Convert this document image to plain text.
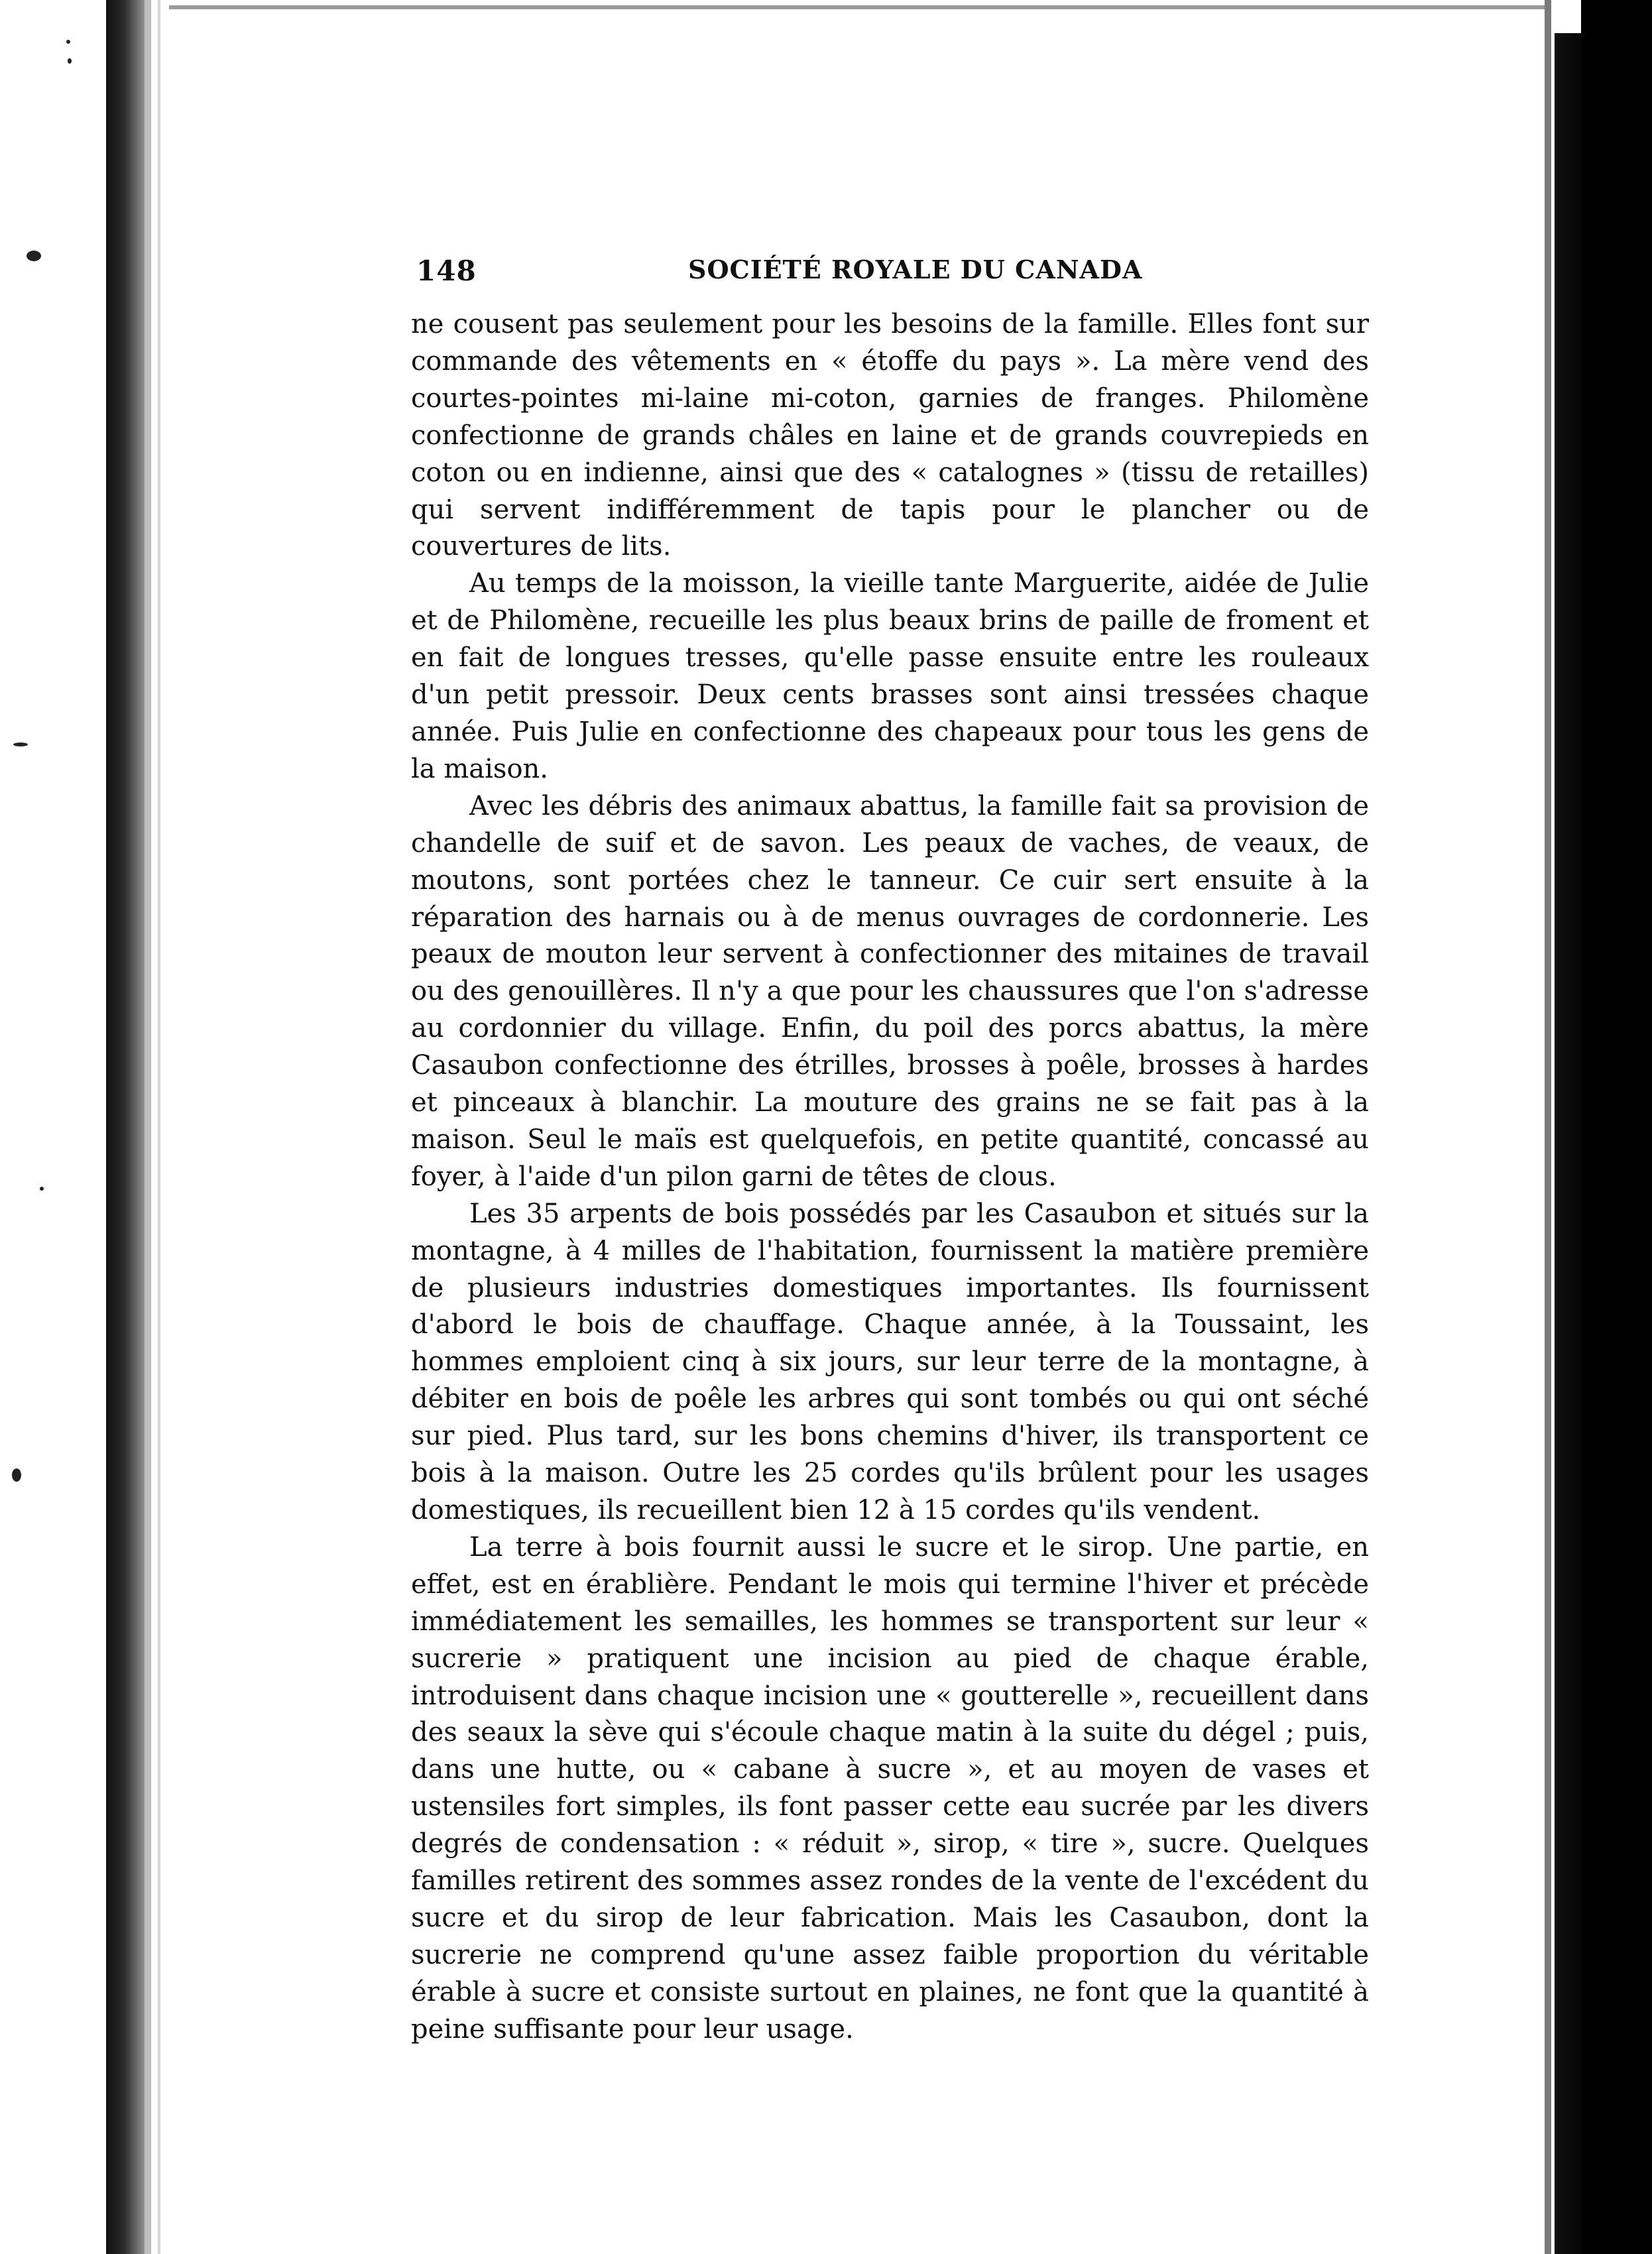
148	SOCIÉTÉ ROYALE DU CANADA

ne cousent pas seulement pour les besoins de la famille. Elles font sur commande des vêtements en « étoffe du pays ». La mère vend des courtes-pointes mi-laine mi-coton, garnies de franges. Philomène confectionne de grands châles en laine et de grands couvrepieds en coton ou en indienne, ainsi que des « catalognes » (tissu de retailles) qui servent indifféremment de tapis pour le plancher ou de couvertures de lits.

Au temps de la moisson, la vieille tante Marguerite, aidée de Julie et de Philomène, recueille les plus beaux brins de paille de froment et en fait de longues tresses, qu'elle passe ensuite entre les rouleaux d'un petit pressoir. Deux cents brasses sont ainsi tressées chaque année. Puis Julie en confectionne des chapeaux pour tous les gens de la maison.

Avec les débris des animaux abattus, la famille fait sa provision de chandelle de suif et de savon. Les peaux de vaches, de veaux, de moutons, sont portées chez le tanneur. Ce cuir sert ensuite à la réparation des harnais ou à de menus ouvrages de cordonnerie. Les peaux de mouton leur servent à confectionner des mitaines de travail ou des genouillères. Il n'y a que pour les chaussures que l'on s'adresse au cordonnier du village. Enfin, du poil des porcs abattus, la mère Casaubon confectionne des étrilles, brosses à poêle, brosses à hardes et pinceaux à blanchir. La mouture des grains ne se fait pas à la maison. Seul le maïs est quelquefois, en petite quantité, concassé au foyer, à l'aide d'un pilon garni de têtes de clous.

Les 35 arpents de bois possédés par les Casaubon et situés sur la montagne, à 4 milles de l'habitation, fournissent la matière première de plusieurs industries domestiques importantes. Ils fournissent d'abord le bois de chauffage. Chaque année, à la Toussaint, les hommes emploient cinq à six jours, sur leur terre de la montagne, à débiter en bois de poêle les arbres qui sont tombés ou qui ont séché sur pied. Plus tard, sur les bons chemins d'hiver, ils transportent ce bois à la maison. Outre les 25 cordes qu'ils brûlent pour les usages domestiques, ils recueillent bien 12 à 15 cordes qu'ils vendent.

La terre à bois fournit aussi le sucre et le sirop. Une partie, en effet, est en érablière. Pendant le mois qui termine l'hiver et précède immédiatement les semailles, les hommes se transportent sur leur « sucrerie » pratiquent une incision au pied de chaque érable, introduisent dans chaque incision une « goutterelle », recueillent dans des seaux la sève qui s'écoule chaque matin à la suite du dégel ; puis, dans une hutte, ou « cabane à sucre », et au moyen de vases et ustensiles fort simples, ils font passer cette eau sucrée par les divers degrés de condensation : « réduit », sirop, « tire », sucre. Quelques familles retirent des sommes assez rondes de la vente de l'excédent du sucre et du sirop de leur fabrication. Mais les Casaubon, dont la sucrerie ne comprend qu'une assez faible proportion du véritable érable à sucre et consiste surtout en plaines, ne font que la quantité à peine suffisante pour leur usage.
